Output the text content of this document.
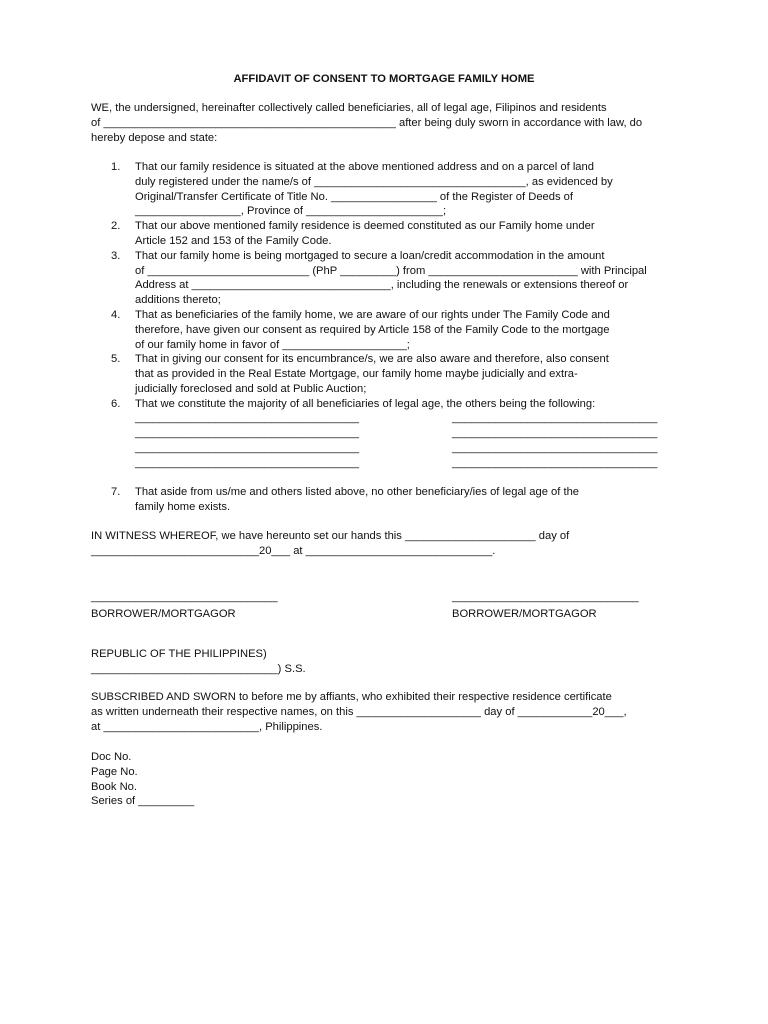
AFFIDAVIT OF CONSENT TO MORTGAGE FAMILY HOME
WE, the undersigned, hereinafter collectively called beneficiaries, all of legal age, Filipinos and residents
of _______________________________________________ after being duly sworn in accordance with law, do
hereby depose and state:
1. That our family residence is situated at the above mentioned address and on a parcel of land
duly registered under the name/s of __________________________________, as evidenced by
Original/Transfer Certificate of Title No. _________________ of the Register of Deeds of
_________________, Province of ______________________;
2. That our above mentioned family residence is deemed constituted as our Family home under
Article 152 and 153 of the Family Code.
3. That our family home is being mortgaged to secure a loan/credit accommodation in the amount
of __________________________ (PhP _________) from ________________________ with Principal
Address at ________________________________, including the renewals or extensions thereof or
additions thereto;
4. That as beneficiaries of the family home, we are aware of our rights under The Family Code and
therefore, have given our consent as required by Article 158 of the Family Code to the mortgage
of our family home in favor of ____________________;
5. That in giving our consent for its encumbrance/s, we are also aware and therefore, also consent
that as provided in the Real Estate Mortgage, our family home maybe judicially and extra-
judicially foreclosed and sold at Public Auction;
6. That we constitute the majority of all beneficiaries of legal age, the others being the following:
____________________________________	_________________________________
____________________________________	_________________________________
____________________________________	_________________________________
____________________________________	_________________________________
7. That aside from us/me and others listed above, no other beneficiary/ies of legal age of the
family home exists.
IN WITNESS WHEREOF, we have hereunto set our hands this _____________________ day of
___________________________20___ at ______________________________.
______________________________
BORROWER/MORTGAGOR
______________________________
BORROWER/MORTGAGOR
REPUBLIC OF THE PHILIPPINES)
______________________________) S.S.
SUBSCRIBED AND SWORN to before me by affiants, who exhibited their respective residence certificate
as written underneath their respective names, on this ____________________ day of ____________20___,
at _________________________, Philippines.
Doc No.
Page No.
Book No.
Series of _________
